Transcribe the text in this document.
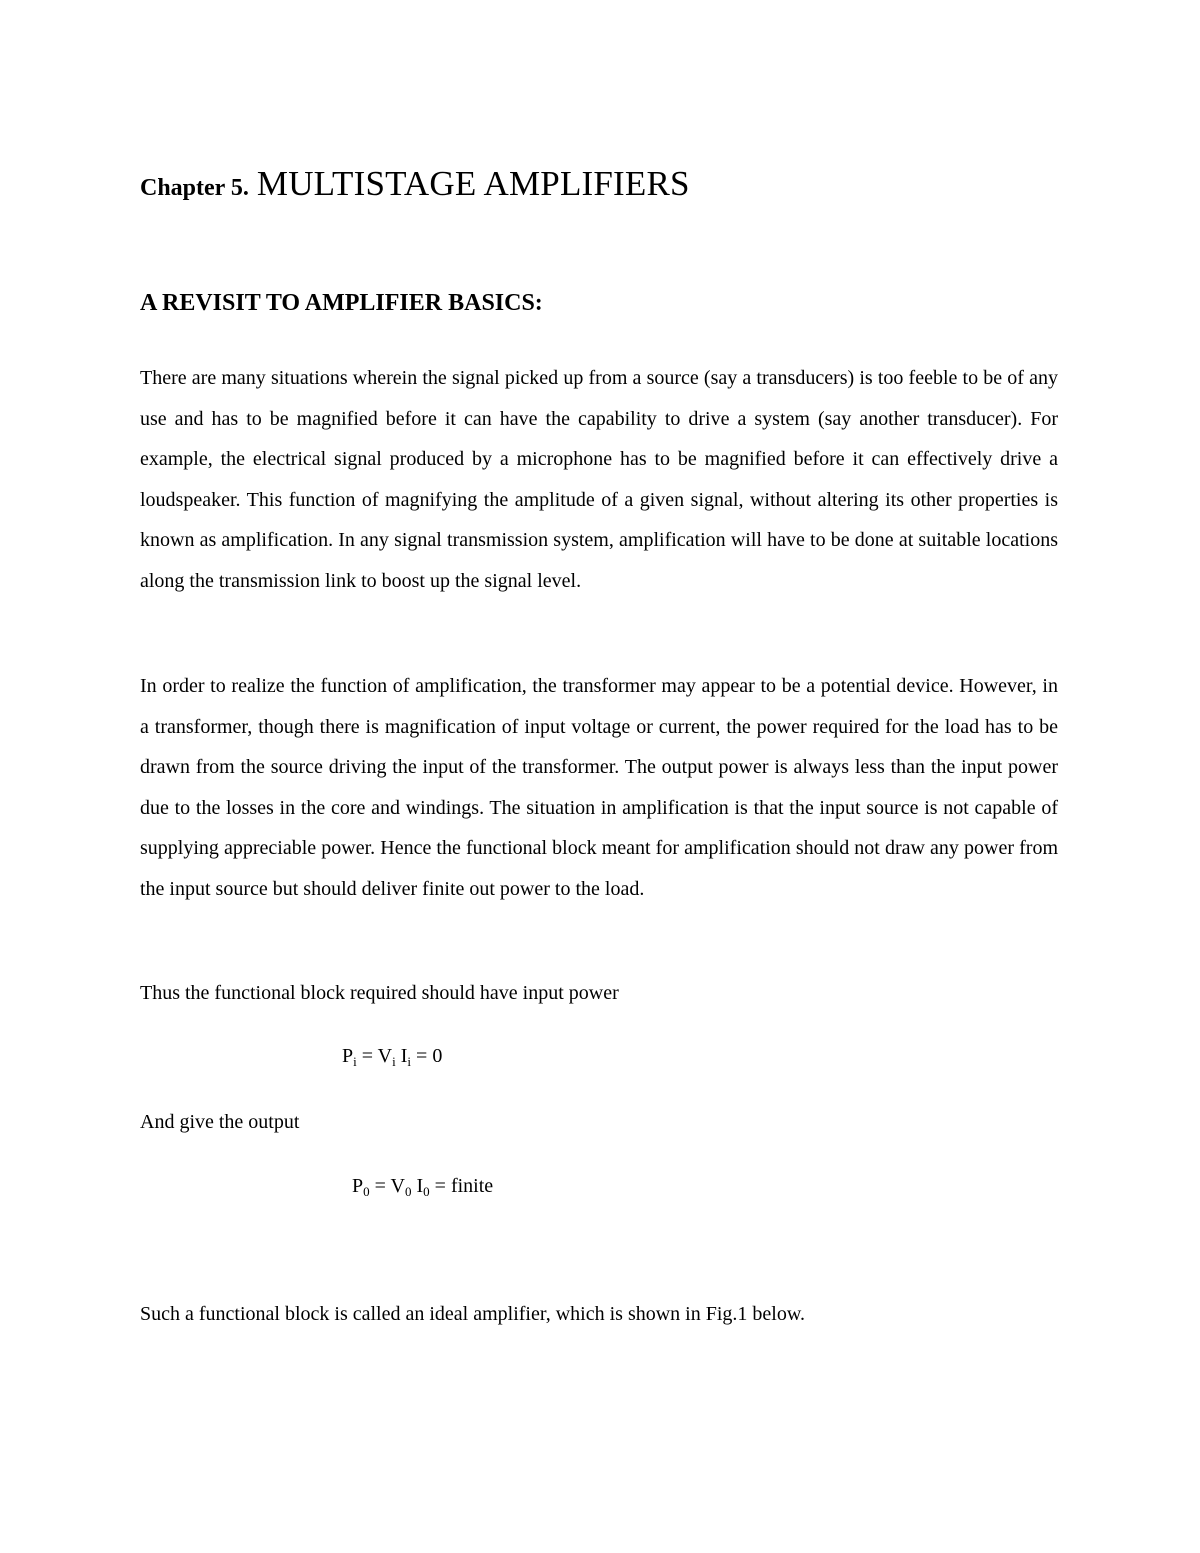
Chapter 5. MULTISTAGE AMPLIFIERS
A REVISIT TO AMPLIFIER BASICS:

There are many situations wherein the signal picked up from a source (say a transducers) is too feeble to be of any use and has to be magnified before it can have the capability to drive a system (say another transducer). For example, the electrical signal produced by a microphone has to be magnified before it can effectively drive a loudspeaker. This function of magnifying the amplitude of a given signal, without altering its other properties is known as amplification. In any signal transmission system, amplification will have to be done at suitable locations along the transmission link to boost up the signal level.

In order to realize the function of amplification, the transformer may appear to be a potential device. However, in a transformer, though there is magnification of input voltage or current, the power required for the load has to be drawn from the source driving the input of the transformer. The output power is always less than the input power due to the losses in the core and windings. The situation in amplification is that the input source is not capable of supplying appreciable power. Hence the functional block meant for amplification should not draw any power from the input source but should deliver finite out power to the load.

Thus the functional block required should have input power

$P_i = V_i$ $I_i = 0$

And give the output

$P_0 = V_0$ $I_0$ = finite

Such a functional block is called an ideal amplifier, which is shown in Fig.1 below.
